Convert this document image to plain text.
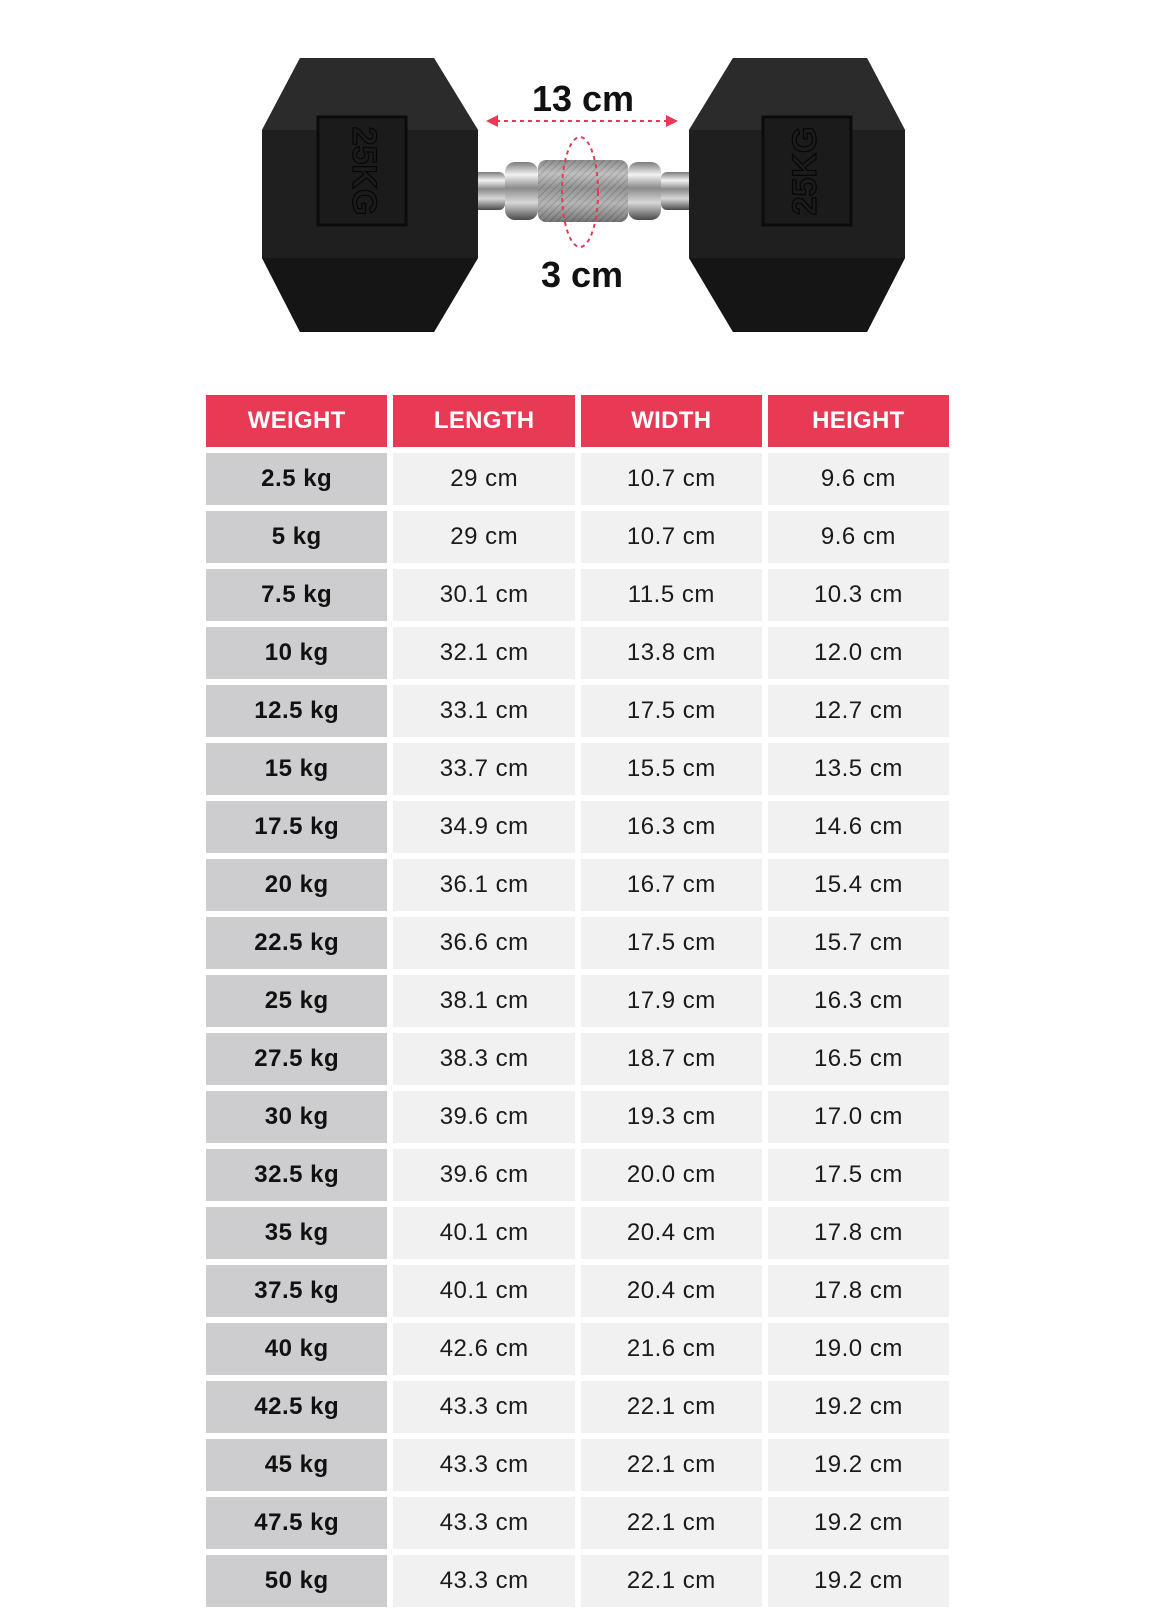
25KG	25KG
13 cm
3 cm
WEIGHT	LENGTH	WIDTH	HEIGHT
2.5 kg	29 cm	10.7 cm	9.6 cm
5 kg	29 cm	10.7 cm	9.6 cm
7.5 kg	30.1 cm	11.5 cm	10.3 cm
10 kg	32.1 cm	13.8 cm	12.0 cm
12.5 kg	33.1 cm	17.5 cm	12.7 cm
15 kg	33.7 cm	15.5 cm	13.5 cm
17.5 kg	34.9 cm	16.3 cm	14.6 cm
20 kg	36.1 cm	16.7 cm	15.4 cm
22.5 kg	36.6 cm	17.5 cm	15.7 cm
25 kg	38.1 cm	17.9 cm	16.3 cm
27.5 kg	38.3 cm	18.7 cm	16.5 cm
30 kg	39.6 cm	19.3 cm	17.0 cm
32.5 kg	39.6 cm	20.0 cm	17.5 cm
35 kg	40.1 cm	20.4 cm	17.8 cm
37.5 kg	40.1 cm	20.4 cm	17.8 cm
40 kg	42.6 cm	21.6 cm	19.0 cm
42.5 kg	43.3 cm	22.1 cm	19.2 cm
45 kg	43.3 cm	22.1 cm	19.2 cm
47.5 kg	43.3 cm	22.1 cm	19.2 cm
50 kg	43.3 cm	22.1 cm	19.2 cm
